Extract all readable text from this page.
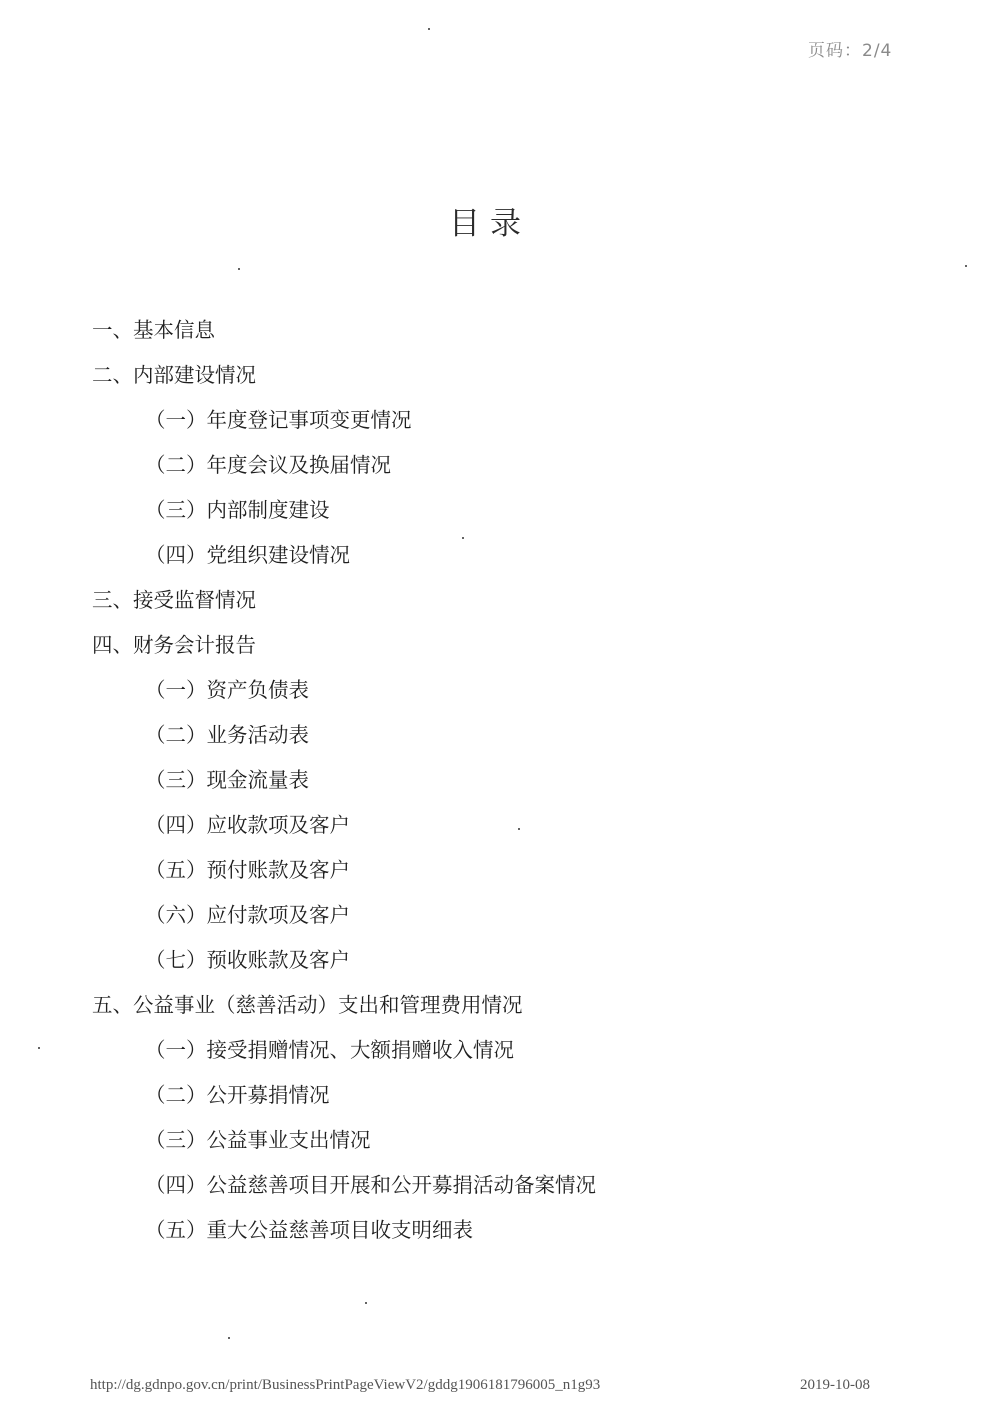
页码：2/4
目录
一、基本信息
二、内部建设情况
（一）年度登记事项变更情况
（二）年度会议及换届情况
（三）内部制度建设
（四）党组织建设情况
三、接受监督情况
四、财务会计报告
（一）资产负债表
（二）业务活动表
（三）现金流量表
（四）应收款项及客户
（五）预付账款及客户
（六）应付款项及客户
（七）预收账款及客户
五、公益事业（慈善活动）支出和管理费用情况
（一）接受捐赠情况、大额捐赠收入情况
（二）公开募捐情况
（三）公益事业支出情况
（四）公益慈善项目开展和公开募捐活动备案情况
（五）重大公益慈善项目收支明细表
http://dg.gdnpo.gov.cn/print/BusinessPrintPageViewV2/gddg1906181796005_n1g93	2019-10-08
